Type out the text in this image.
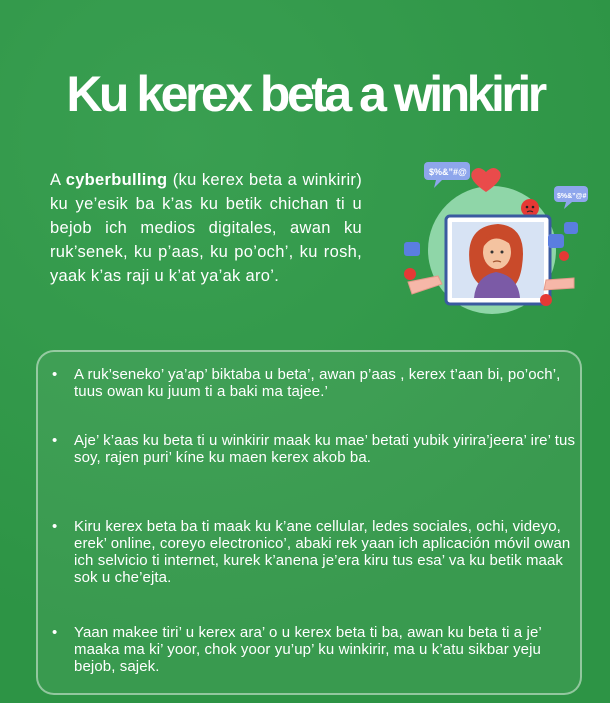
Ku kerex beta a winkirir

A cyberbulling (ku kerex beta a winkirir) ku ye’esik ba k’as ku betik chichan ti u bejob ich medios digitales, awan ku ruk’senek, ku p’aas, ku po’och’, ku rosh, yaak k’as raji u k’at ya’ak aro’.

$%&”#@
$%&”@#
• A ruk’seneko’ ya’ap’ biktaba u beta’, awan p’aas , kerex t’aan bi, po’och’, tuus owan ku juum ti a baki ma tajee.’
• Aje’ k’aas ku beta ti u winkirir maak ku mae’ betati yubik yirira’jeera’ ire’ tus soy, rajen puri’ kíne ku maen kerex akob ba.
• Kiru kerex beta ba ti maak ku k’ane cellular, ledes sociales, ochi, videyo, erek’ online, coreyo electronico’, abaki rek yaan ich aplicación móvil owan ich selvicio ti internet, kurek k’anena je’era kiru tus esa’ va ku betik maak sok u che’ejta.
• Yaan makee tiri’ u kerex ara’ o u kerex beta ti ba, awan ku beta ti a je’ maaka ma ki’ yoor, chok yoor yu’up’ ku winkirir, ma u k’atu sikbar yeju bejob, sajek.
